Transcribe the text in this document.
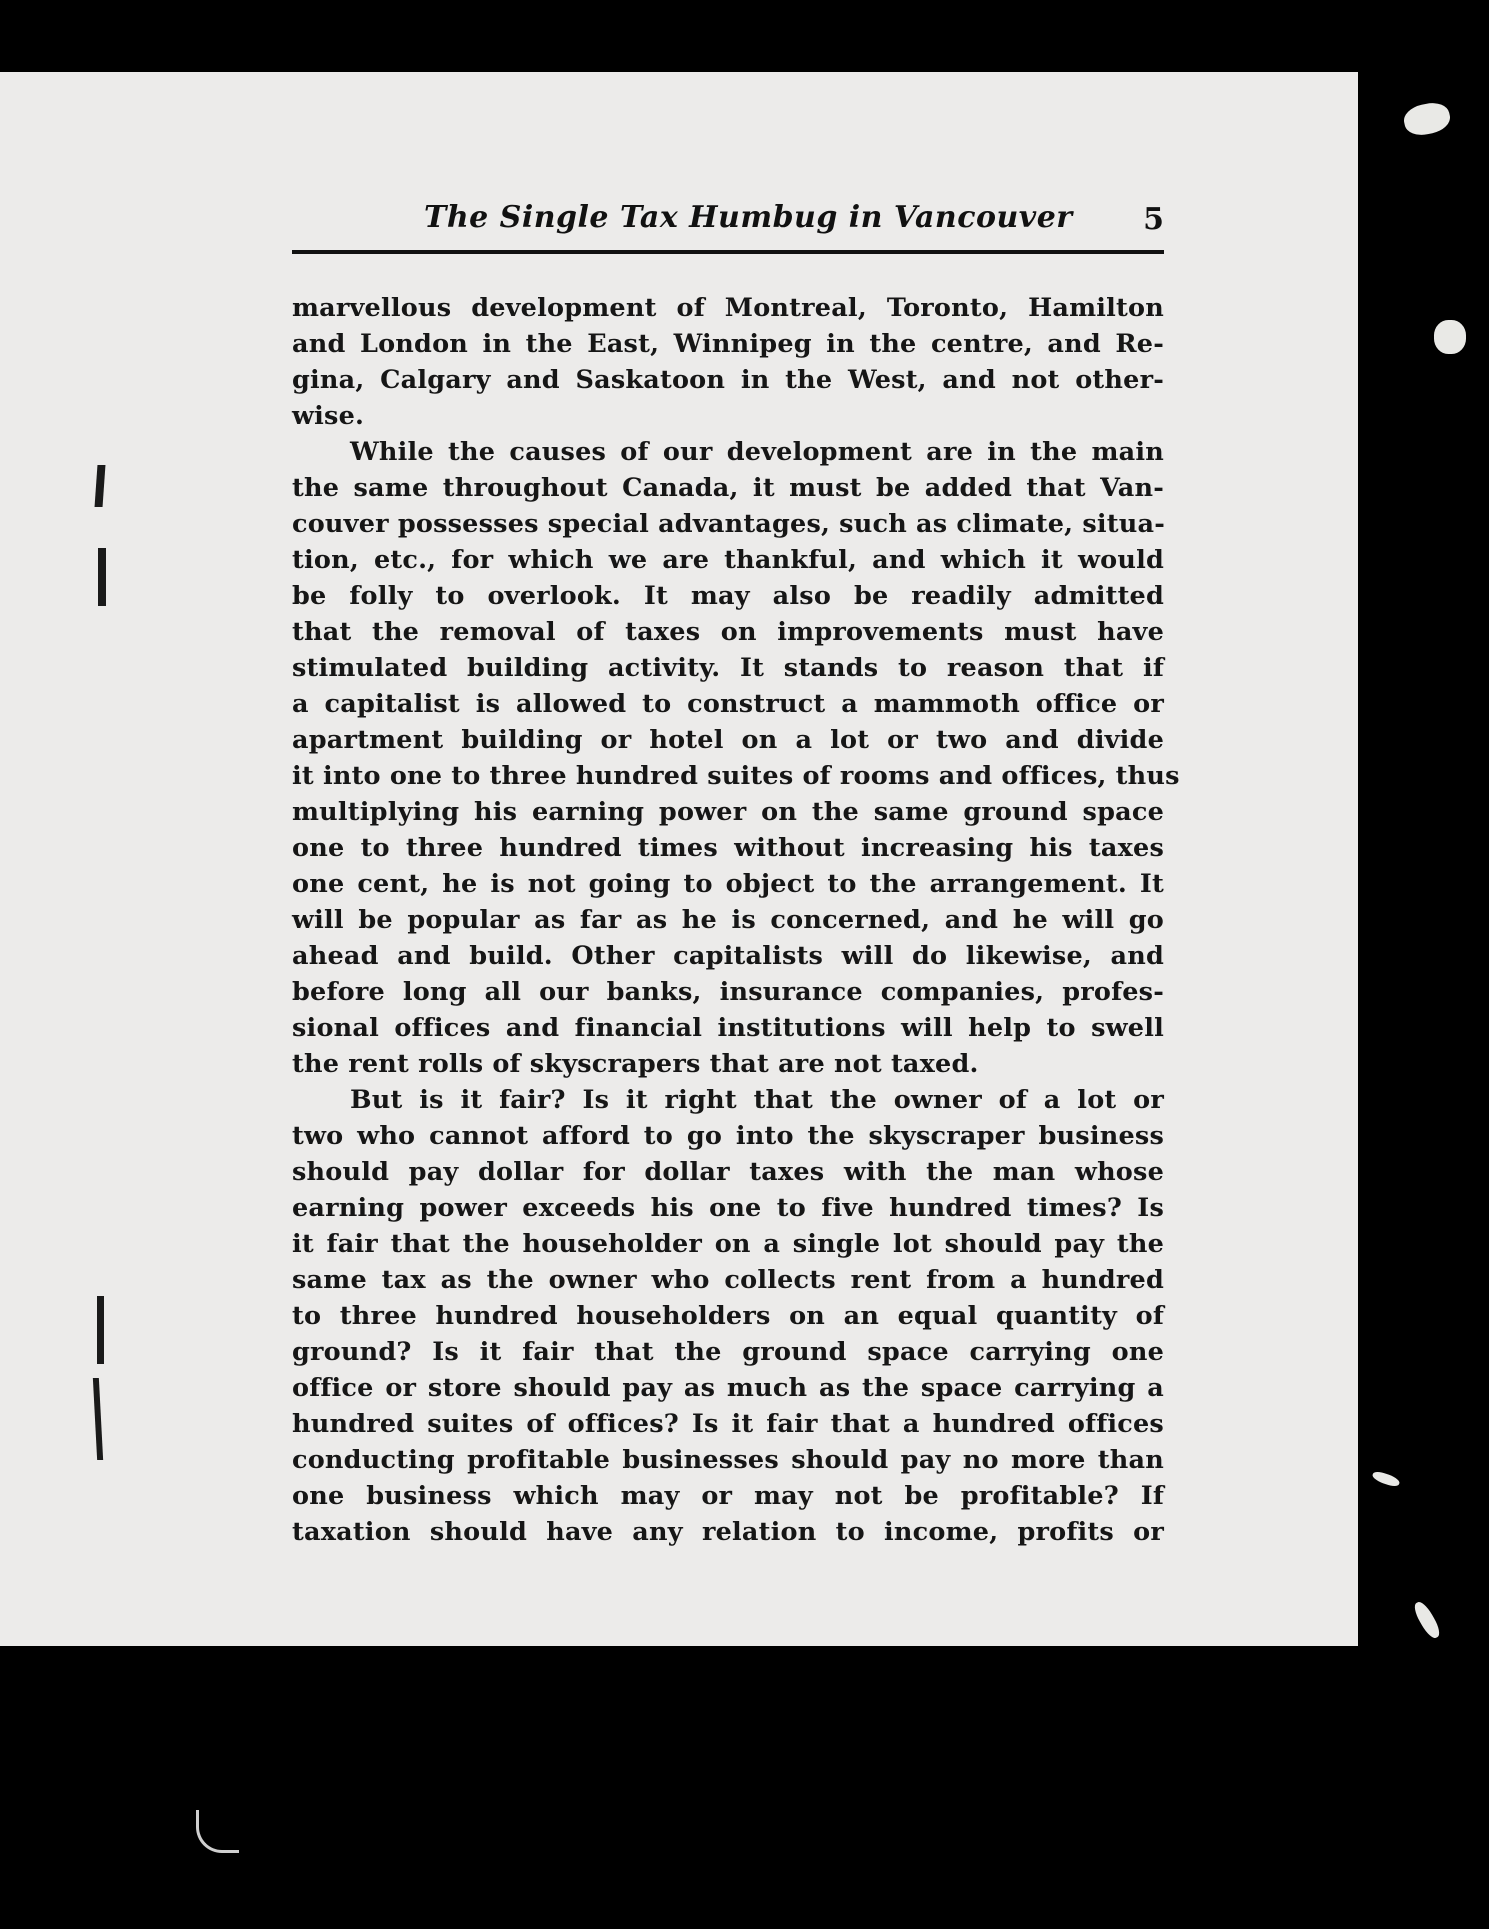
The Single Tax Humbug in Vancouver 5
marvellous development of Montreal, Toronto, Hamilton
and London in the East, Winnipeg in the centre, and Re-
gina, Calgary and Saskatoon in the West, and not other-
wise.
While the causes of our development are in the main
the same throughout Canada, it must be added that Van-
couver possesses special advantages, such as climate, situa-
tion, etc., for which we are thankful, and which it would
be folly to overlook. It may also be readily admitted
that the removal of taxes on improvements must have
stimulated building activity. It stands to reason that if
a capitalist is allowed to construct a mammoth office or
apartment building or hotel on a lot or two and divide
it into one to three hundred suites of rooms and offices, thus
multiplying his earning power on the same ground space
one to three hundred times without increasing his taxes
one cent, he is not going to object to the arrangement. It
will be popular as far as he is concerned, and he will go
ahead and build. Other capitalists will do likewise, and
before long all our banks, insurance companies, profes-
sional offices and financial institutions will help to swell
the rent rolls of skyscrapers that are not taxed.
But is it fair? Is it right that the owner of a lot or
two who cannot afford to go into the skyscraper business
should pay dollar for dollar taxes with the man whose
earning power exceeds his one to five hundred times? Is
it fair that the householder on a single lot should pay the
same tax as the owner who collects rent from a hundred
to three hundred householders on an equal quantity of
ground? Is it fair that the ground space carrying one
office or store should pay as much as the space carrying a
hundred suites of offices? Is it fair that a hundred offices
conducting profitable businesses should pay no more than
one business which may or may not be profitable? If
taxation should have any relation to income, profits or
